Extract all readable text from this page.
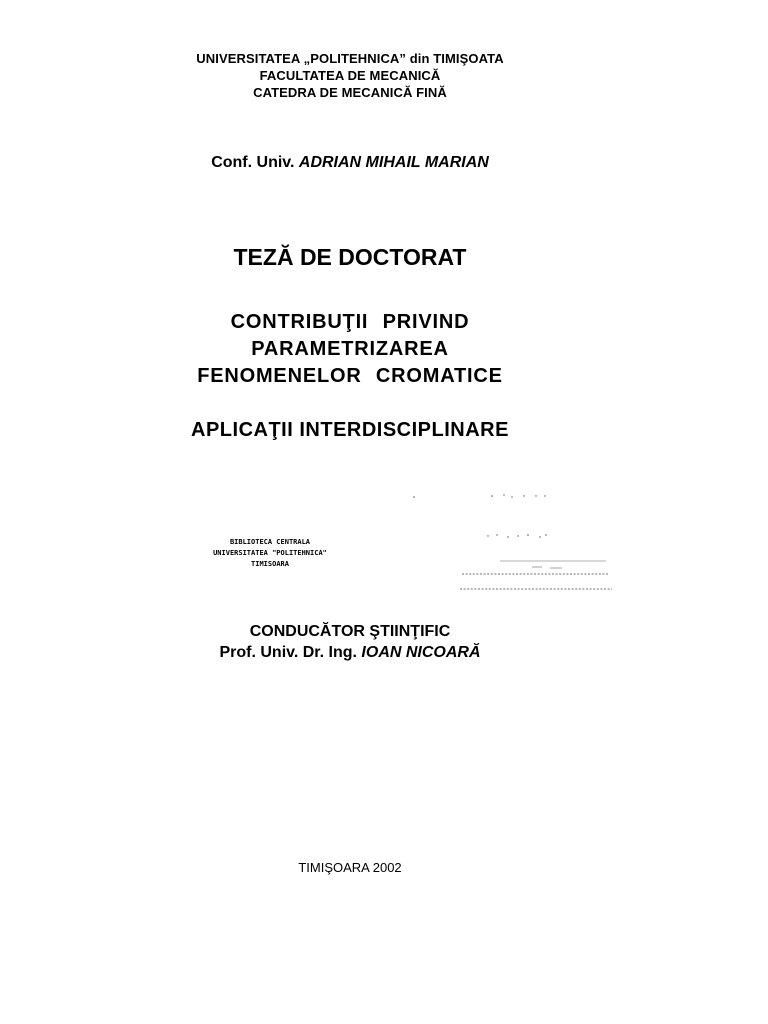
UNIVERSITATEA „POLITEHNICA” din TIMIŞOATA
FACULTATEA DE MECANICĂ
CATEDRA DE MECANICĂ FINĂ
Conf. Univ. ADRIAN MIHAIL MARIAN
TEZĂ DE DOCTORAT
CONTRIBUŢII PRIVIND
PARAMETRIZAREA
FENOMENELOR CROMATICE
APLICAŢII INTERDISCIPLINARE
BIBLIOTECA CENTRALA
UNIVERSITATEA "POLITEHNICA"
TIMISOARA
CONDUCĂTOR ŞTIINŢIFIC
Prof. Univ. Dr. Ing. IOAN NICOARĂ
TIMIŞOARA 2002
